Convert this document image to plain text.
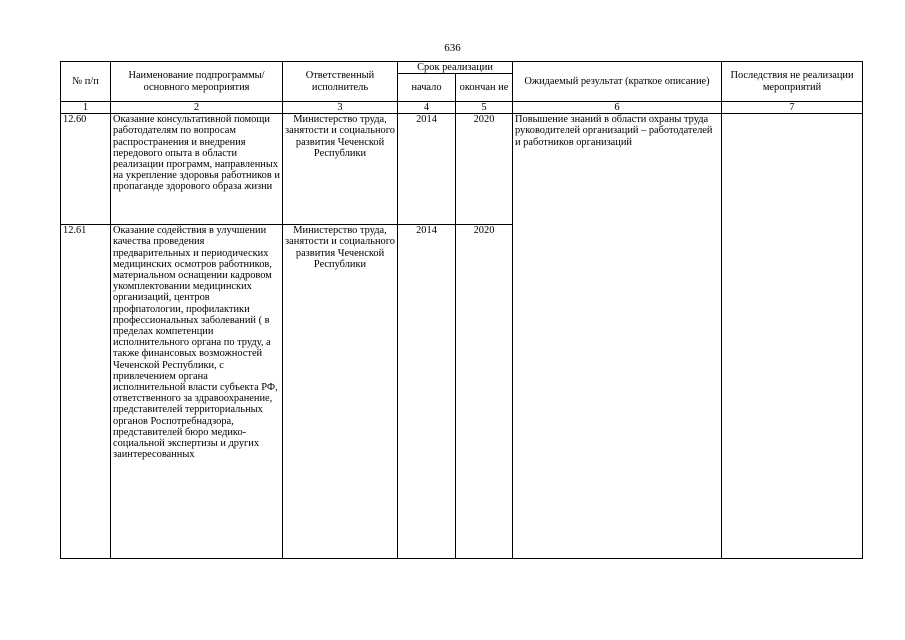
636
№ п/п	Наименование подпрограммы/ основного мероприятия	Ответственный исполнитель	Срок реализации		Ожидаемый результат (краткое описание)	Последствия не реализации мероприятий
			начало	окончан ие		
1	2	3	4	5	6	7
12.60	Оказание консультативной помощи работодателям по вопросам распространения и внедрения передового опыта в области реализации программ, направленных на укрепление здоровья работников и пропаганде здорового образа жизни	Министерство труда, занятости и социального развития Чеченской Республики	2014	2020	Повышение знаний в области охраны труда руководителей организаций – работодателей и работников организаций	
12.61	Оказание содействия в улучшении качества проведения предварительных и периодических медицинских осмотров работников, материальном оснащении кадровом укомплектовании медицинских организаций, центров профпатологии, профилактики профессиональных заболеваний ( в пределах компетенции исполнительного органа по труду, а также финансовых возможностей Чеченской Республики, с привлечением органа исполнительной власти субъекта РФ, ответственного за здравоохранение, представителей территориальных органов Роспотребнадзора, представителей бюро медико-социальной экспертизы и других заинтересованных	Министерство труда, занятости и социального развития Чеченской Республики	2014	2020		
